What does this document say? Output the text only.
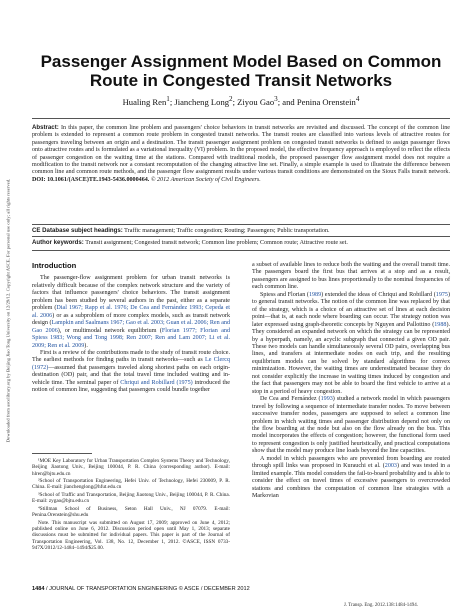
Downloaded from ascelibrary.org by Beijing Jiao Tong University on 12/29/12. Copyright ASCE. For personal use only; all rights reserved.
Passenger Assignment Model Based on Common Route in Congested Transit Networks
Hualing Ren$^1$; Jiancheng Long$^2$; Ziyou Gao$^3$; and Penina Orenstein$^4$

Abstract: In this paper, the common line problem and passengers' choice behaviors in transit networks are revisited and discussed. The concept of the common line problem is extended to represent a common route problem in congested transit networks. The transit routes are classified into various levels of attractive routes for passengers traveling between an origin and a destination. The transit passenger assignment problem on congested transit networks is defined to assign passenger flows onto attractive routes and is formulated as a variational inequality (VI) problem. In the proposed model, the effective frequency approach is employed to reflect the effects of passenger congestion on the waiting time at the stations. Compared with traditional models, the proposed passenger flow assignment model does not require a modification to the transit network nor a constant recomputation of the changing attractive line set. Finally, a simple example is used to illustrate the difference between common line and common route methods, and the passenger flow assignment results under various transit conditions are demonstrated on the Sioux Falls transit network. DOI: 10.1061/(ASCE)TE.1943-5436.0000464. © 2012 American Society of Civil Engineers.

CE Database subject headings: Traffic management; Traffic congestion; Routing; Passengers; Public transportation.

Author keywords: Transit assignment; Congested transit network; Common line problem; Common route; Attractive route set.

Introduction

The passenger-flow assignment problem for urban transit networks is relatively difficult because of the complex network structure and the variety of factors that influence passengers' choice behaviors. The transit assignment problem has been studied by several authors in the past, either as a separate problem (Dial 1967; Rapp et al. 1976; De Cea and Fernández 1993; Cepeda et al. 2006) or as a subproblem of more complex models, such as transit network design (Lampkin and Saalmans 1967; Gao et al. 2003; Guan et al. 2006; Ren and Gao 2006), or multimodal network equilibrium (Florian 1977; Florian and Spiess 1983; Wong and Tong 1998; Ren 2007; Ren and Lam 2007; Li et al. 2009; Ren et al. 2009).

First is a review of the contributions made to the study of transit route choice. The earliest methods for finding paths in transit networks—such as Le Clercq (1972)—assumed that passengers traveled along shortest paths on each origin-destination (OD) pair, and that the total travel time included waiting and in-vehicle time. The seminal paper of Chriqui and Robillard (1975) introduced the notion of common line, suggesting that passengers could bundle together

¹MOE Key Laboratory for Urban Transportation Complex Systems Theory and Technology, Beijing Jiaotong Univ., Beijing 100044, P. R. China (corresponding author). E-mail: hlren@bjtu.edu.cn

²School of Transportation Engineering, Hefei Univ. of Technology, Hefei 230009, P. R. China. E-mail: jianchenglong@hfut.edu.cn

³School of Traffic and Transportation, Beijing Jiaotong Univ., Beijing 100044, P. R. China. E-mail: zygao@bjtu.edu.cn

⁴Stillman School of Business, Seton Hall Univ., NJ 07079. E-mail: Penina.Orenstein@shu.edu

Note. This manuscript was submitted on August 17, 2009; approved on June 4, 2012; published online on June 6, 2012. Discussion period open until May 1, 2013; separate discussions must be submitted for individual papers. This paper is part of the Journal of Transportation Engineering, Vol. 138, No. 12, December 1, 2012. ©ASCE, ISSN 0733-947X/2012/12-1484–1494/$25.00.

a subset of available lines to reduce both the waiting and the overall transit time. The passengers board the first bus that arrives at a stop and as a result, passengers are assigned to bus lines proportionally to the nominal frequencies of each common line.

Spiess and Florian (1989) extended the ideas of Chriqui and Robillard (1975) to general transit networks. The notion of the common line was replaced by that of the strategy, which is a choice of an attractive set of lines at each decision point—that is, at each node where boarding can occur. The strategy notion was later expressed using graph-theoretic concepts by Nguyen and Pallottino (1988). They considered an expanded network on which the strategy can be represented by a hyperpath, namely, an acyclic subgraph that connected a given OD pair. These two models can handle simultaneously several OD pairs, overlapping bus lines, and transfers at intermediate nodes on each trip, and the resulting equilibrium models can be solved by standard algorithms for convex minimization. However, the waiting times are underestimated because they do not consider explicitly the increase in waiting times induced by congestion and the fact that passengers may not be able to board the first vehicle to arrive at a stop in a period of heavy congestion.

De Cea and Fernández (1993) studied a network model in which passengers travel by following a sequence of intermediate transfer nodes. To move between successive transfer nodes, passengers are supposed to select a common line problem in which waiting times and passenger distribution depend not only on the flow boarding at the node but also on the flow already on the bus. This model incorporates the effects of congestion; however, the functional form used to represent congestion is only justified heuristically, and practical computations show that the model may produce line loads beyond the line capacities.

A model in which passengers who are prevented from boarding are routed through spill links was proposed in Kurauchi et al. (2003) and was tested in a limited example. This model considers the fail-to-board probability and is able to consider the effect on travel times of excessive passengers to overcrowded stations and combines the computation of common line strategies with a Markovian

1484 / JOURNAL OF TRANSPORTATION ENGINEERING © ASCE / DECEMBER 2012
J. Transp. Eng. 2012.138:1484-1494.
